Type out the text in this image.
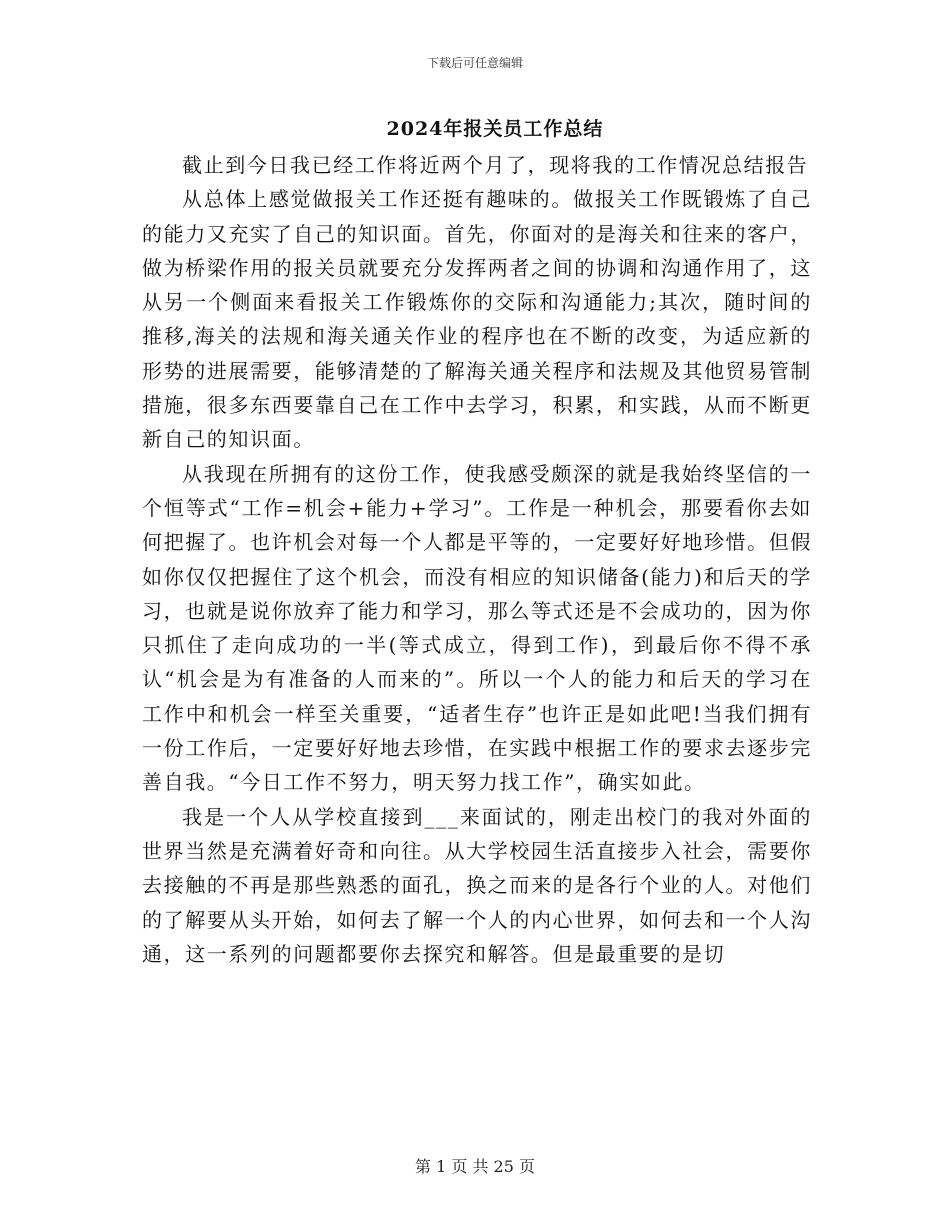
下载后可任意编辑
2024年报关员工作总结

截止到今日我已经工作将近两个月了，现将我的工作情况总结报告

从总体上感觉做报关工作还挺有趣味的。做报关工作既锻炼了自己的能力又充实了自己的知识面。首先，你面对的是海关和往来的客户，做为桥梁作用的报关员就要充分发挥两者之间的协调和沟通作用了，这从另一个侧面来看报关工作锻炼你的交际和沟通能力;其次，随时间的推移,海关的法规和海关通关作业的程序也在不断的改变，为适应新的形势的进展需要，能够清楚的了解海关通关程序和法规及其他贸易管制措施，很多东西要靠自己在工作中去学习，积累，和实践，从而不断更新自己的知识面。

从我现在所拥有的这份工作，使我感受颇深的就是我始终坚信的一个恒等式“工作=机会+能力+学习”。工作是一种机会，那要看你去如何把握了。也许机会对每一个人都是平等的，一定要好好地珍惜。但假如你仅仅把握住了这个机会，而没有相应的知识储备(能力)和后天的学习，也就是说你放弃了能力和学习，那么等式还是不会成功的，因为你只抓住了走向成功的一半(等式成立，得到工作)，到最后你不得不承认“机会是为有准备的人而来的”。所以一个人的能力和后天的学习在工作中和机会一样至关重要，“适者生存”也许正是如此吧!当我们拥有一份工作后，一定要好好地去珍惜，在实践中根据工作的要求去逐步完善自我。“今日工作不努力，明天努力找工作”，确实如此。

我是一个人从学校直接到___来面试的，刚走出校门的我对外面的世界当然是充满着好奇和向往。从大学校园生活直接步入社会，需要你去接触的不再是那些熟悉的面孔，换之而来的是各行个业的人。对他们的了解要从头开始，如何去了解一个人的内心世界，如何去和一个人沟通，这一系列的问题都要你去探究和解答。但是最重要的是切

第 1 页 共 25 页
